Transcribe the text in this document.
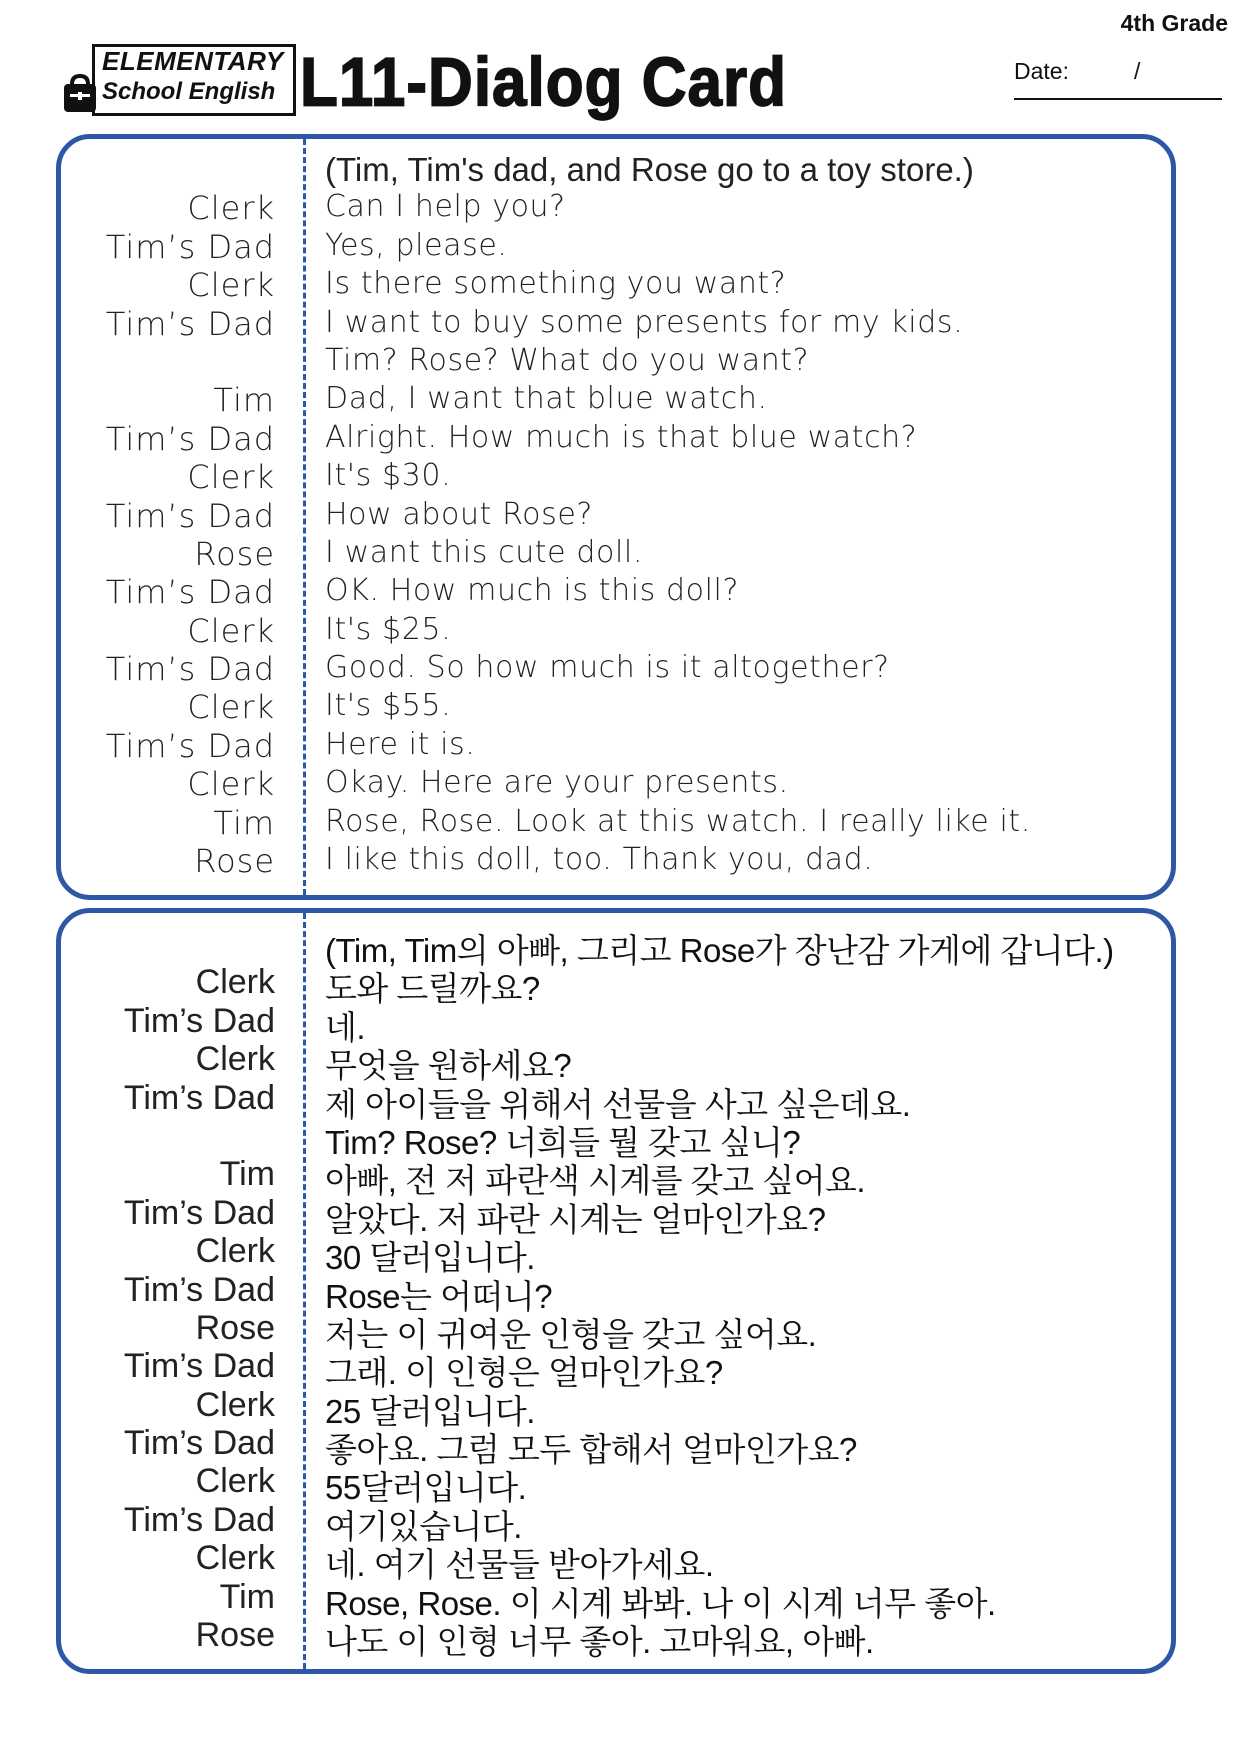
4th Grade
ELEMENTARY
School English L11-Dialog Card	Date:	/
(Tim, Tim's dad, and Rose go to a toy store.)
Clerk Can I help you?
Tim’s Dad Yes, please.
Clerk Is there something you want?
Tim’s Dad I want to buy some presents for my kids.
Tim? Rose? What do you want?
Tim Dad, I want that blue watch.
Tim’s Dad Alright. How much is that blue watch?
Clerk It's $30.
Tim’s Dad How about Rose?
Rose I want this cute doll.
Tim’s Dad OK. How much is this doll?
Clerk It's $25.
Tim’s Dad Good. So how much is it altogether?
Clerk It's $55.
Tim’s Dad Here it is.
Clerk Okay. Here are your presents.
Tim Rose, Rose. Look at this watch. I really like it.
Rose I like this doll, too. Thank you, dad.
(Tim, Tim의 아빠, 그리고 Rose가 장난감 가게에 갑니다.)
Clerk 도와 드릴까요?
Tim’s Dad 네.
Clerk 무엇을 원하세요?
Tim’s Dad 제 아이들을 위해서 선물을 사고 싶은데요.
Tim? Rose? 너희들 뭘 갖고 싶니?
Tim 아빠, 전 저 파란색 시계를 갖고 싶어요.
Tim’s Dad 알았다. 저 파란 시계는 얼마인가요?
Clerk 30 달러입니다.
Tim’s Dad Rose는 어떠니?
Rose 저는 이 귀여운 인형을 갖고 싶어요.
Tim’s Dad 그래. 이 인형은 얼마인가요?
Clerk 25 달러입니다.
Tim’s Dad 좋아요. 그럼 모두 합해서 얼마인가요?
Clerk 55달러입니다.
Tim’s Dad 여기있습니다.
Clerk 네. 여기 선물들 받아가세요.
Tim Rose, Rose. 이 시계 봐봐. 나 이 시계 너무 좋아.
Rose 나도 이 인형 너무 좋아. 고마워요, 아빠.
